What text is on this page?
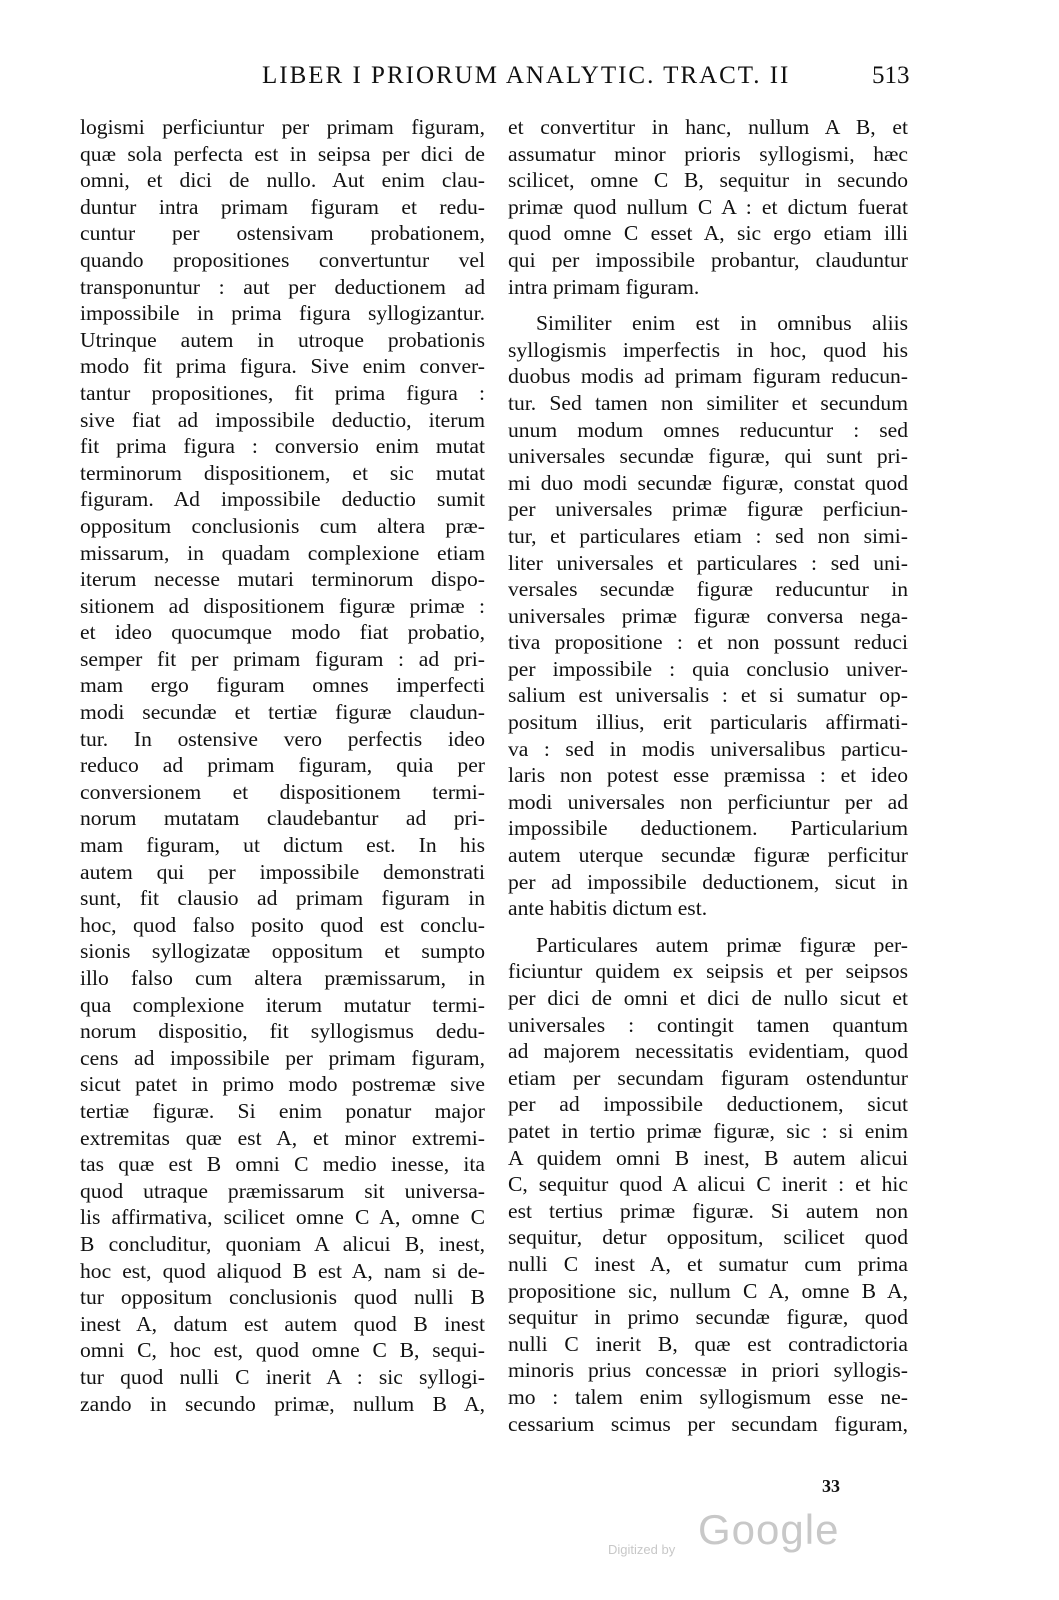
LIBER I PRIORUM ANALYTIC. TRACT. II	513
logismi perficiuntur per primam figuram,
quæ sola perfecta est in seipsa per dici de
omni, et dici de nullo. Aut enim clau-
duntur intra primam figuram et redu-
cuntur per ostensivam probationem,
quando propositiones convertuntur vel
transponuntur : aut per deductionem ad
impossibile in prima figura syllogizantur.
Utrinque autem in utroque probationis
modo fit prima figura. Sive enim conver-
tantur propositiones, fit prima figura :
sive fiat ad impossibile deductio, iterum
fit prima figura : conversio enim mutat
terminorum dispositionem, et sic mutat
figuram. Ad impossibile deductio sumit
oppositum conclusionis cum altera præ-
missarum, in quadam complexione etiam
iterum necesse mutari terminorum dispo-
sitionem ad dispositionem figuræ primæ :
et ideo quocumque modo fiat probatio,
semper fit per primam figuram : ad pri-
mam ergo figuram omnes imperfecti
modi secundæ et tertiæ figuræ claudun-
tur. In ostensive vero perfectis ideo
reduco ad primam figuram, quia per
conversionem et dispositionem termi-
norum mutatam claudebantur ad pri-
mam figuram, ut dictum est. In his
autem qui per impossibile demonstrati
sunt, fit clausio ad primam figuram in
hoc, quod falso posito quod est conclu-
sionis syllogizatæ oppositum et sumpto
illo falso cum altera præmissarum, in
qua complexione iterum mutatur termi-
norum dispositio, fit syllogismus dedu-
cens ad impossibile per primam figuram,
sicut patet in primo modo postremæ sive
tertiæ figuræ. Si enim ponatur major
extremitas quæ est A, et minor extremi-
tas quæ est B omni C medio inesse, ita
quod utraque præmissarum sit universa-
lis affirmativa, scilicet omne C A, omne C
B concluditur, quoniam A alicui B, inest,
hoc est, quod aliquod B est A, nam si de-
tur oppositum conclusionis quod nulli B
inest A, datum est autem quod B inest
omni C, hoc est, quod omne C B, sequi-
tur quod nulli C inerit A : sic syllogi-
zando in secundo primæ, nullum B A,
et convertitur in hanc, nullum A B, et
assumatur minor prioris syllogismi, hæc
scilicet, omne C B, sequitur in secundo
primæ quod nullum C A : et dictum fuerat
quod omne C esset A, sic ergo etiam illi
qui per impossibile probantur, clauduntur
intra primam figuram.
Similiter enim est in omnibus aliis
syllogismis imperfectis in hoc, quod his
duobus modis ad primam figuram reducun-
tur. Sed tamen non similiter et secundum
unum modum omnes reducuntur : sed
universales secundæ figuræ, qui sunt pri-
mi duo modi secundæ figuræ, constat quod
per universales primæ figuræ perficiun-
tur, et particulares etiam : sed non simi-
liter universales et particulares : sed uni-
versales secundæ figuræ reducuntur in
universales primæ figuræ conversa nega-
tiva propositione : et non possunt reduci
per impossibile : quia conclusio univer-
salium est universalis : et si sumatur op-
positum illius, erit particularis affirmati-
va : sed in modis universalibus particu-
laris non potest esse præmissa : et ideo
modi universales non perficiuntur per ad
impossibile deductionem. Particularium
autem uterque secundæ figuræ perficitur
per ad impossibile deductionem, sicut in
ante habitis dictum est.
Particulares autem primæ figuræ per-
ficiuntur quidem ex seipsis et per seipsos
per dici de omni et dici de nullo sicut et
universales : contingit tamen quantum
ad majorem necessitatis evidentiam, quod
etiam per secundam figuram ostenduntur
per ad impossibile deductionem, sicut
patet in tertio primæ figuræ, sic : si enim
A quidem omni B inest, B autem alicui
C, sequitur quod A alicui C inerit : et hic
est tertius primæ figuræ. Si autem non
sequitur, detur oppositum, scilicet quod
nulli C inest A, et sumatur cum prima
propositione sic, nullum C A, omne B A,
sequitur in primo secundæ figuræ, quod
nulli C inerit B, quæ est contradictoria
minoris prius concessæ in priori syllogis-
mo : talem enim syllogismum esse ne-
cessarium scimus per secundam figuram,
33
Digitized by Google
